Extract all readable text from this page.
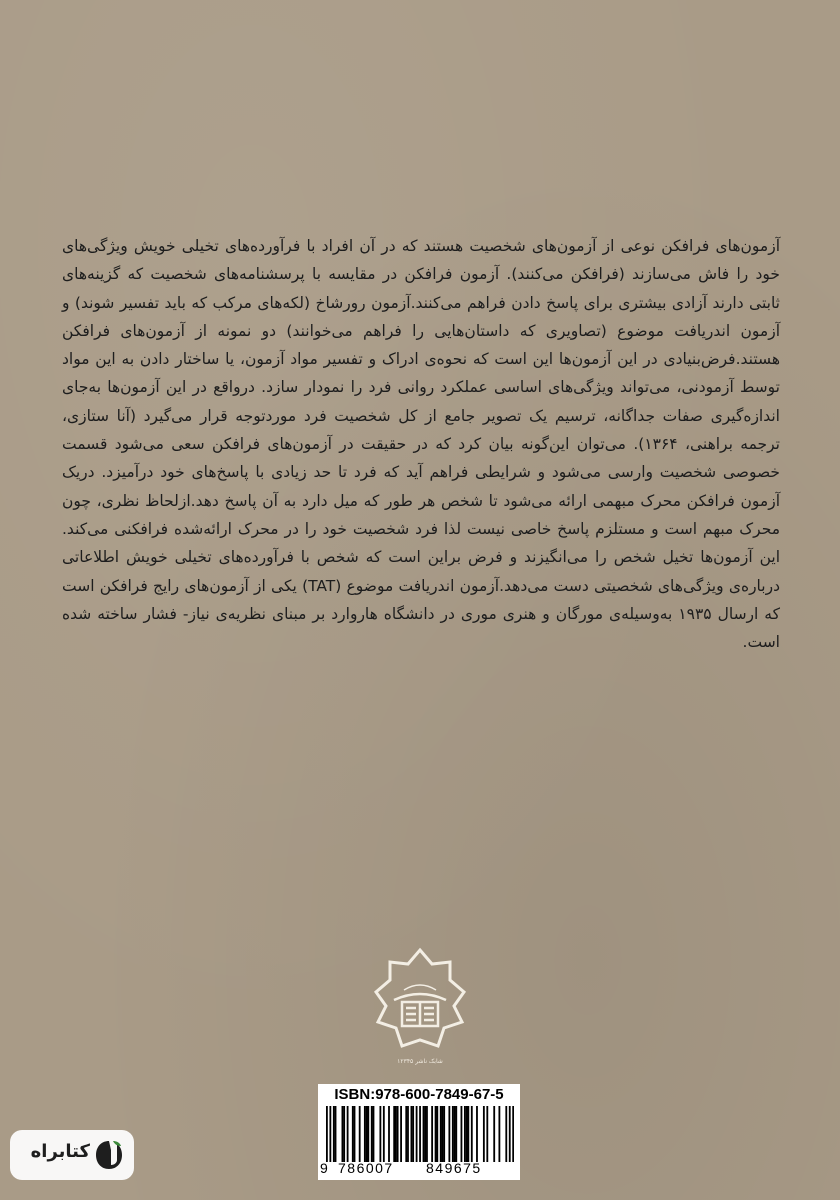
آزمون‌های فرافکن نوعی از آزمون‌های شخصیت هستند که در آن افراد با فرآورده‌های تخیلی خویش ویژگی‌های خود را فاش می‌سازند (فرافکن می‌کنند). آزمون فرافکن در مقایسه با پرسشنامه‌های شخصیت که گزینه‌های ثابتی دارند آزادی بیشتری برای پاسخ دادن فراهم می‌کنند.آزمون رورشاخ (لکه‌های مرکب که باید تفسیر شوند) و آزمون اندریافت موضوع (تصاویری که داستان‌هایی را فراهم می‌خوانند) دو نمونه از آزمون‌های فرافکن هستند.فرض‌بنیادی در این آزمون‌ها این است که نحوه‌ی ادراک و تفسیر مواد آزمون، یا ساختار دادن به این مواد توسط آزمودنی، می‌تواند ویژگی‌های اساسی عملکرد روانی فرد را نمودار سازد. درواقع در این آزمون‌ها به‌جای اندازه‌گیری صفات جداگانه، ترسیم یک تصویر جامع از کل شخصیت فرد موردتوجه قرار می‌گیرد (آنا ستازی، ترجمه براهنی، ۱۳۶۴). می‌توان این‌گونه بیان کرد که در حقیقت در آزمون‌های فرافکن سعی می‌شود قسمت خصوصی شخصیت وارسی می‌شود و شرایطی فراهم آید که فرد تا حد زیادی با پاسخ‌های خود درآمیزد. دریک آزمون فرافکن محرک مبهمی ارائه می‌شود تا شخص هر طور که میل دارد به آن پاسخ دهد.ازلحاظ نظری، چون محرک مبهم است و مستلزم پاسخ خاصی نیست لذا فرد شخصیت خود را در محرک ارائه‌شده فرافکنی می‌کند. این آزمون‌ها تخیل شخص را می‌انگیزند و فرض براین است که شخص با فرآورده‌های تخیلی خویش اطلاعاتی درباره‌ی ویژگی‌های شخصیتی دست می‌دهد.آزمون اندریافت موضوع (TAT) یکی از آزمون‌های رایج فرافکن است که ارسال ۱۹۳۵ به‌وسیله‌ی مورگان و هنری موری در دانشگاه هاروارد بر مبنای نظریه‌ی نیاز- فشار ساخته شده است.

شابک ناشر ۱۲۳۴۵
ISBN:978-600-7849-67-5
9 786007 849675
کتابراه
